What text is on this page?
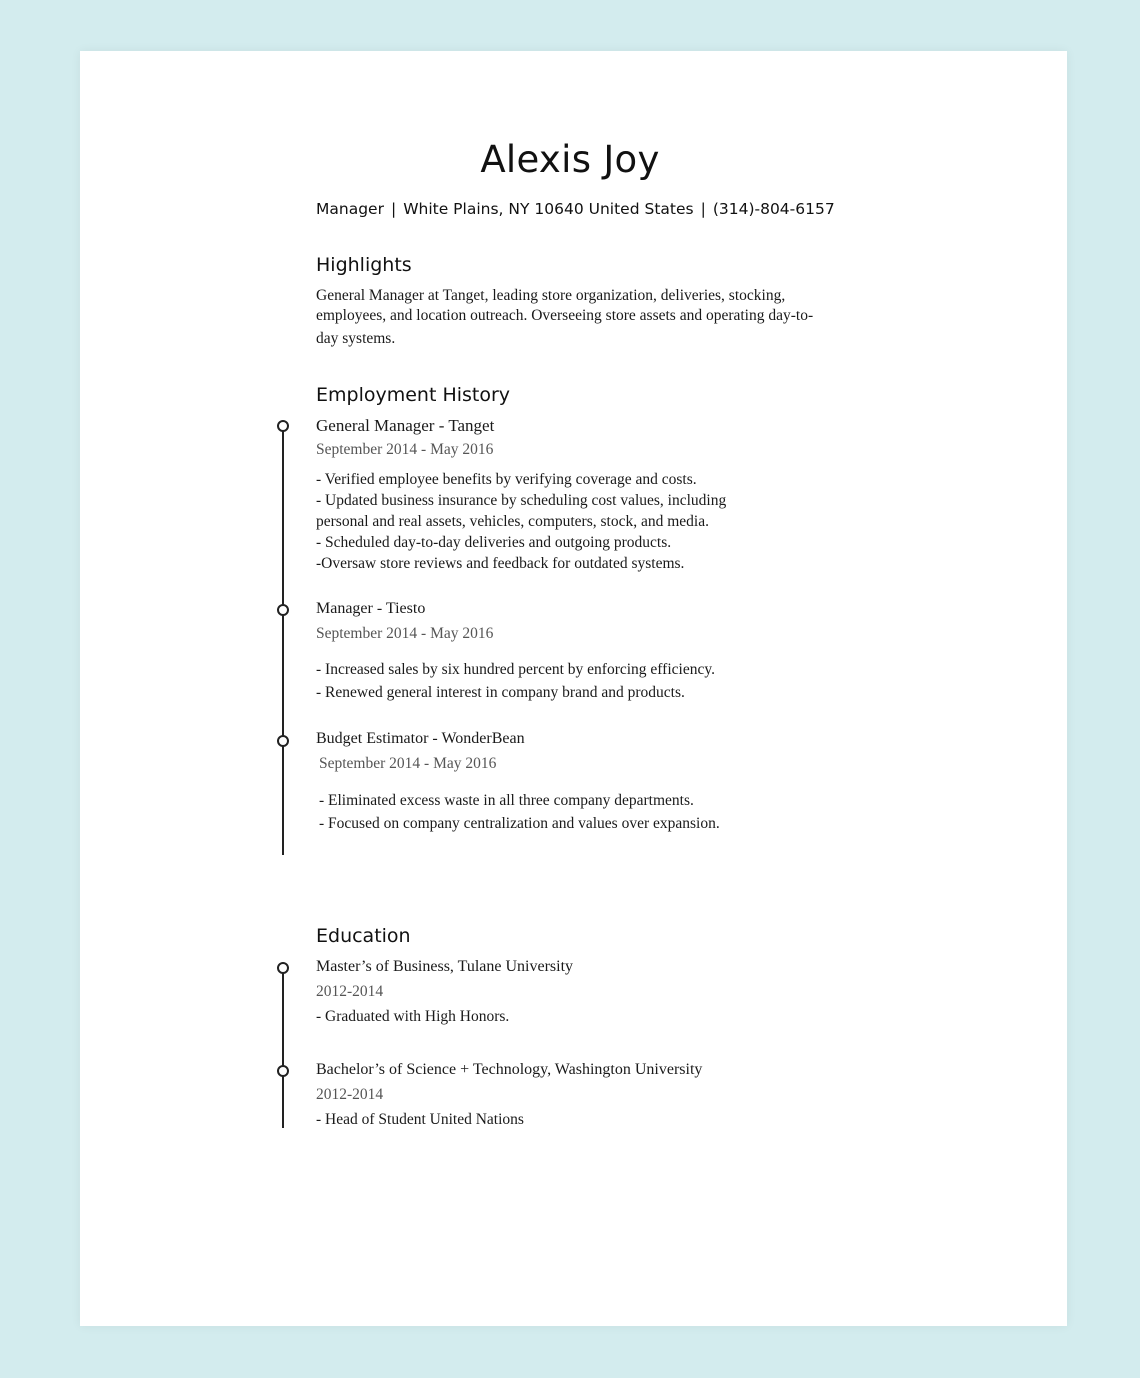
Alexis Joy
Manager | White Plains, NY 10640 United States | (314)-804-6157
Highlights
General Manager at Tanget, leading store organization, deliveries, stocking,
employees, and location outreach. Overseeing store assets and operating day-to-
day systems.
Employment History
General Manager - Tanget
September 2014 - May 2016
- Verified employee benefits by verifying coverage and costs.
- Updated business insurance by scheduling cost values, including
personal and real assets, vehicles, computers, stock, and media.
- Scheduled day-to-day deliveries and outgoing products.
-Oversaw store reviews and feedback for outdated systems.
Manager - Tiesto
September 2014 - May 2016
- Increased sales by six hundred percent by enforcing efficiency.
- Renewed general interest in company brand and products.
Budget Estimator - WonderBean
September 2014 - May 2016
- Eliminated excess waste in all three company departments.
- Focused on company centralization and values over expansion.
Education
Master’s of Business, Tulane University
2012-2014
- Graduated with High Honors.
Bachelor’s of Science + Technology, Washington University
2012-2014
- Head of Student United Nations
